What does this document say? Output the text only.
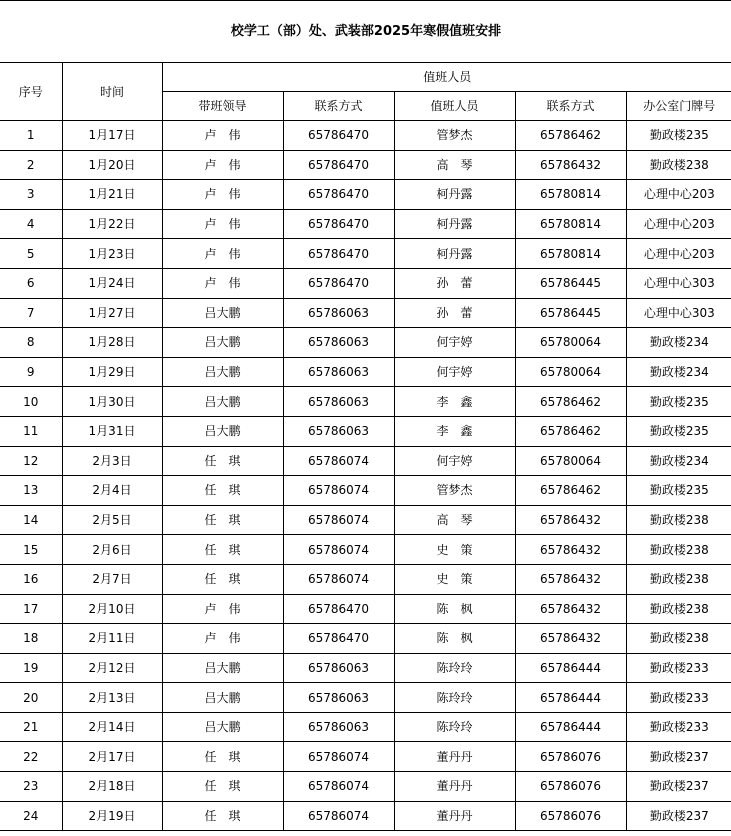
校学工（部）处、武装部2025年寒假值班安排						
序号	时间	值班人员				
		带班领导	联系方式	值班人员	联系方式	办公室门牌号
1	1月17日	卢　伟	65786470	管梦杰	65786462	勤政楼235
2	1月20日	卢　伟	65786470	高　琴	65786432	勤政楼238
3	1月21日	卢　伟	65786470	柯丹露	65780814	心理中心203
4	1月22日	卢　伟	65786470	柯丹露	65780814	心理中心203
5	1月23日	卢　伟	65786470	柯丹露	65780814	心理中心203
6	1月24日	卢　伟	65786470	孙　蕾	65786445	心理中心303
7	1月27日	吕大鹏	65786063	孙　蕾	65786445	心理中心303
8	1月28日	吕大鹏	65786063	何宇婷	65780064	勤政楼234
9	1月29日	吕大鹏	65786063	何宇婷	65780064	勤政楼234
10	1月30日	吕大鹏	65786063	李　鑫	65786462	勤政楼235
11	1月31日	吕大鹏	65786063	李　鑫	65786462	勤政楼235
12	2月3日	任　琪	65786074	何宇婷	65780064	勤政楼234
13	2月4日	任　琪	65786074	管梦杰	65786462	勤政楼235
14	2月5日	任　琪	65786074	高　琴	65786432	勤政楼238
15	2月6日	任　琪	65786074	史　策	65786432	勤政楼238
16	2月7日	任　琪	65786074	史　策	65786432	勤政楼238
17	2月10日	卢　伟	65786470	陈　枫	65786432	勤政楼238
18	2月11日	卢　伟	65786470	陈　枫	65786432	勤政楼238
19	2月12日	吕大鹏	65786063	陈玲玲	65786444	勤政楼233
20	2月13日	吕大鹏	65786063	陈玲玲	65786444	勤政楼233
21	2月14日	吕大鹏	65786063	陈玲玲	65786444	勤政楼233
22	2月17日	任　琪	65786074	董丹丹	65786076	勤政楼237
23	2月18日	任　琪	65786074	董丹丹	65786076	勤政楼237
24	2月19日	任　琪	65786074	董丹丹	65786076	勤政楼237
